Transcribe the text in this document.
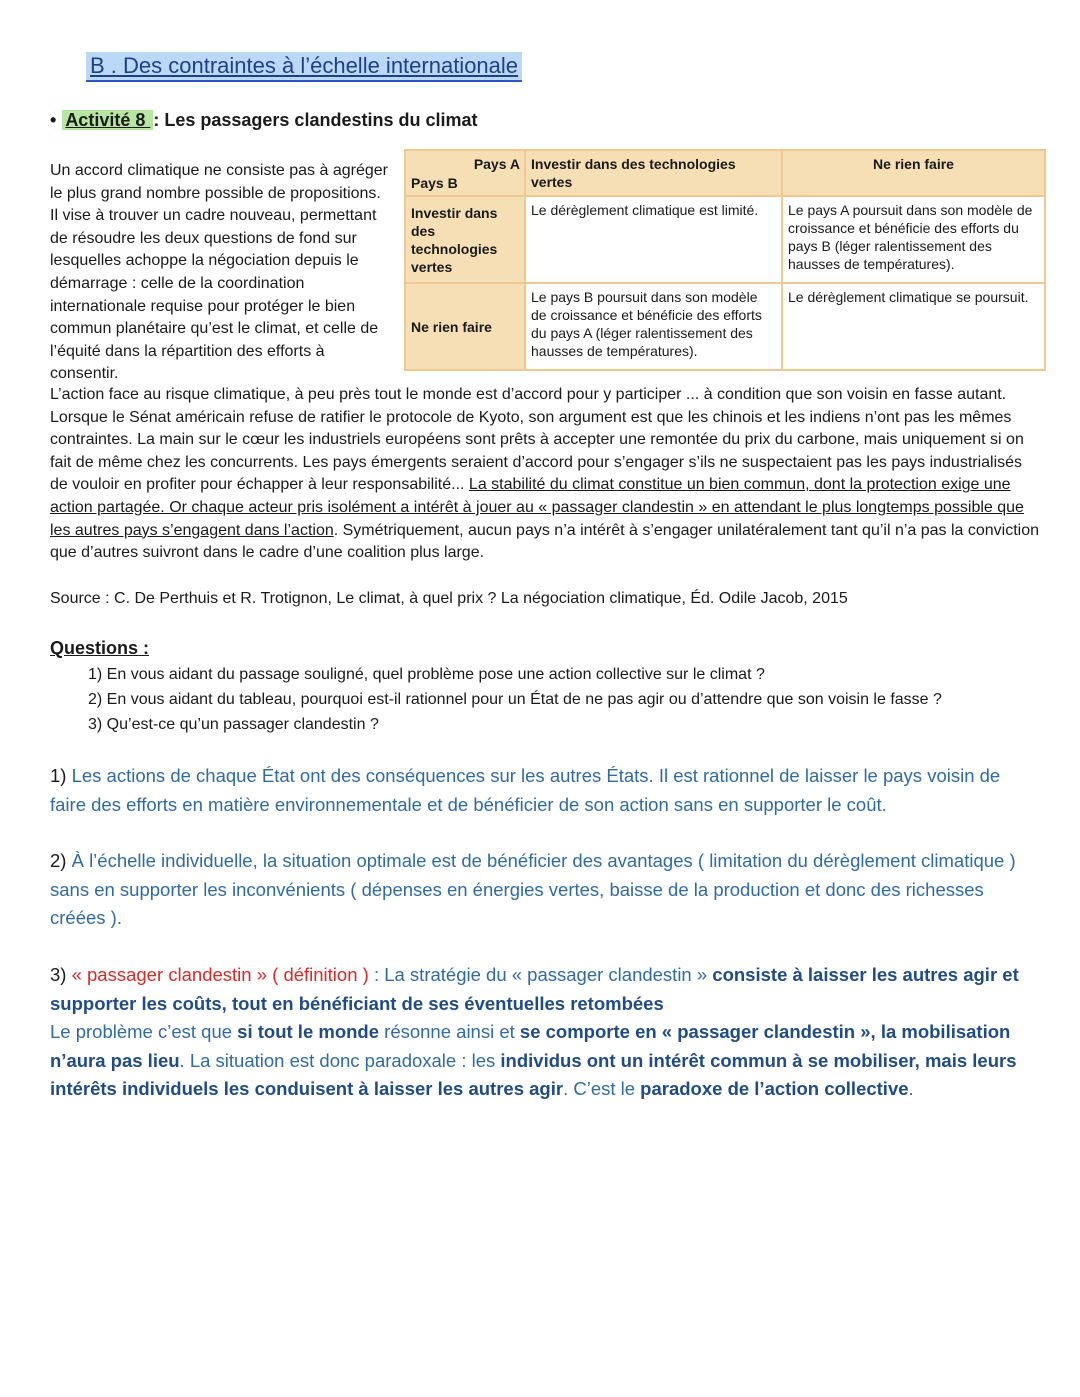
B . Des contraintes à l’échelle internationale
• Activité 8 : Les passagers clandestins du climat
Un accord climatique ne consiste pas à agréger le plus grand nombre possible de propositions. Il vise à trouver un cadre nouveau, permettant de résoudre les deux questions de fond sur lesquelles achoppe la négociation depuis le démarrage : celle de la coordination internationale requise pour protéger le bien commun planétaire qu’est le climat, et celle de l’équité dans la répartition des efforts à consentir.
Pays A
Pays B	Investir dans des technologies vertes	Ne rien faire
Investir dans des technologies vertes	Le dérèglement climatique est limité.	Le pays A poursuit dans son modèle de croissance et bénéficie des efforts du pays B (léger ralentissement des hausses de températures).
Ne rien faire	Le pays B poursuit dans son modèle de croissance et bénéficie des efforts du pays A (léger ralentissement des hausses de températures).	Le dérèglement climatique se poursuit.
L’action face au risque climatique, à peu près tout le monde est d’accord pour y participer ... à condition que son voisin en fasse autant. Lorsque le Sénat américain refuse de ratifier le protocole de Kyoto, son argument est que les chinois et les indiens n’ont pas les mêmes contraintes. La main sur le cœur les industriels européens sont prêts à accepter une remontée du prix du carbone, mais uniquement si on fait de même chez les concurrents. Les pays émergents seraient d’accord pour s’engager s’ils ne suspectaient pas les pays industrialisés de vouloir en profiter pour échapper à leur responsabilité... La stabilité du climat constitue un bien commun, dont la protection exige une action partagée. Or chaque acteur pris isolément a intérêt à jouer au « passager clandestin » en attendant le plus longtemps possible que les autres pays s’engagent dans l’action. Symétriquement, aucun pays n’a intérêt à s’engager unilatéralement tant qu’il n’a pas la conviction que d’autres suivront dans le cadre d’une coalition plus large.
Source : C. De Perthuis et R. Trotignon, Le climat, à quel prix ? La négociation climatique, Éd. Odile Jacob, 2015
Questions :
1) En vous aidant du passage souligné, quel problème pose une action collective sur le climat ?
2) En vous aidant du tableau, pourquoi est-il rationnel pour un État de ne pas agir ou d’attendre que son voisin le fasse ?
3) Qu’est-ce qu’un passager clandestin ?
1) Les actions de chaque État ont des conséquences sur les autres États. Il est rationnel de laisser le pays voisin de faire des efforts en matière environnementale et de bénéficier de son action sans en supporter le coût.
2) À l’échelle individuelle, la situation optimale est de bénéficier des avantages ( limitation du dérèglement climatique ) sans en supporter les inconvénients ( dépenses en énergies vertes, baisse de la production et donc des richesses créées ).
3) « passager clandestin » ( définition ) : La stratégie du « passager clandestin » consiste à laisser les autres agir et supporter les coûts, tout en bénéficiant de ses éventuelles retombées
Le problème c’est que si tout le monde résonne ainsi et se comporte en « passager clandestin », la mobilisation n’aura pas lieu. La situation est donc paradoxale : les individus ont un intérêt commun à se mobiliser, mais leurs intérêts individuels les conduisent à laisser les autres agir. C’est le paradoxe de l’action collective.
